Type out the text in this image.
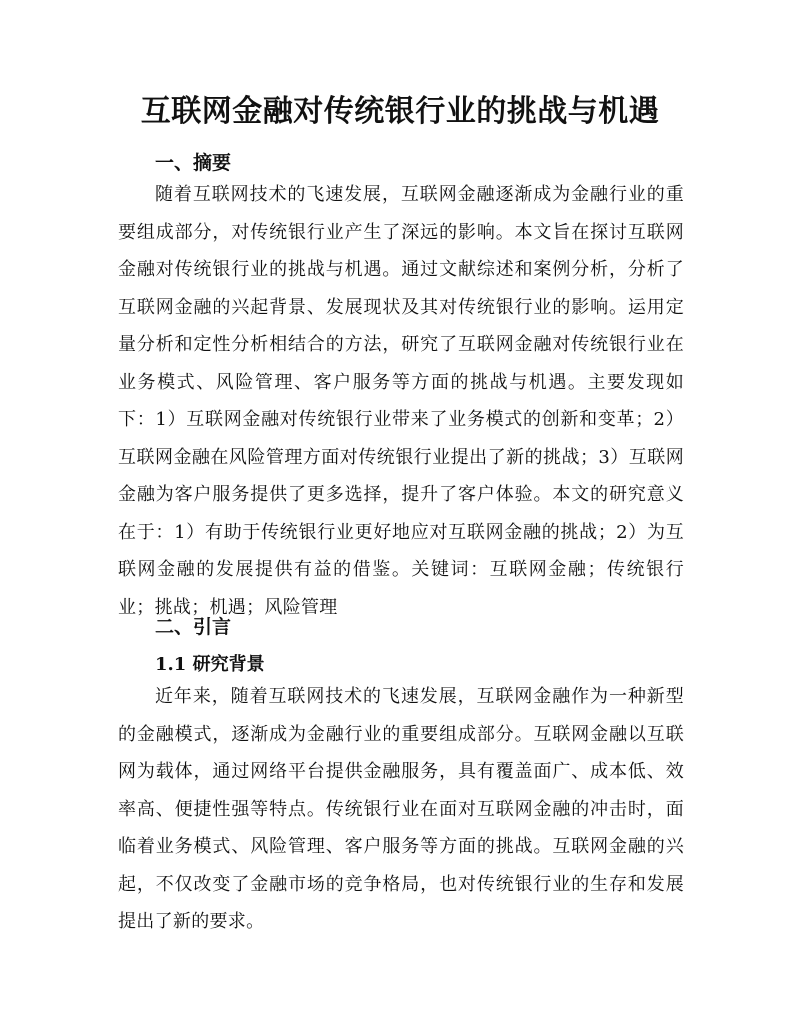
互联网金融对传统银行业的挑战与机遇
一、摘要

随着互联网技术的飞速发展，互联网金融逐渐成为金融行业的重要组成部分，对传统银行业产生了深远的影响。本文旨在探讨互联网金融对传统银行业的挑战与机遇。通过文献综述和案例分析，分析了互联网金融的兴起背景、发展现状及其对传统银行业的影响。运用定量分析和定性分析相结合的方法，研究了互联网金融对传统银行业在业务模式、风险管理、客户服务等方面的挑战与机遇。主要发现如下：1）互联网金融对传统银行业带来了业务模式的创新和变革；2）互联网金融在风险管理方面对传统银行业提出了新的挑战；3）互联网金融为客户服务提供了更多选择，提升了客户体验。本文的研究意义在于：1）有助于传统银行业更好地应对互联网金融的挑战；2）为互联网金融的发展提供有益的借鉴。关键词：互联网金融；传统银行业；挑战；机遇；风险管理

二、引言
1.1 研究背景

近年来，随着互联网技术的飞速发展，互联网金融作为一种新型的金融模式，逐渐成为金融行业的重要组成部分。互联网金融以互联网为载体，通过网络平台提供金融服务，具有覆盖面广、成本低、效率高、便捷性强等特点。传统银行业在面对互联网金融的冲击时，面临着业务模式、风险管理、客户服务等方面的挑战。互联网金融的兴起，不仅改变了金融市场的竞争格局，也对传统银行业的生存和发展提出了新的要求。
